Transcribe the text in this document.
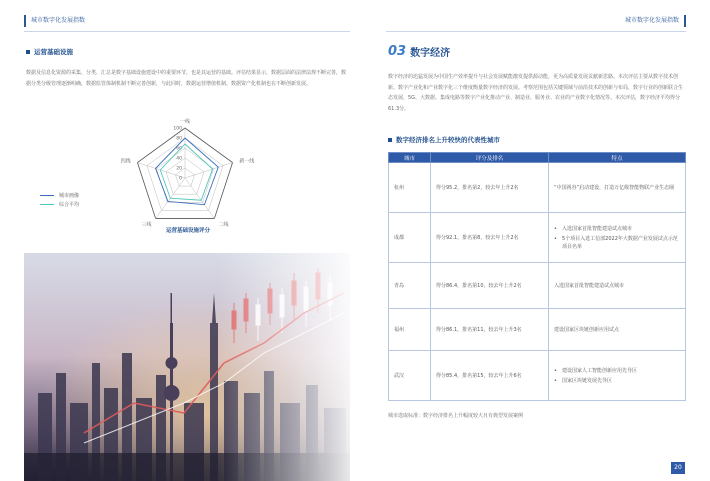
城市数字化发展指数	城市数字化发展指数
运营基础设施
数据及信息化资源的采集、分类、汇总是数字基础设施建设中的重要环节，也是其运营的基础。评估结果显示，数据层面的法律法规不断完善，数据分类分级管理逐渐明确，数据监管体制机制不断完善创新，与此同时，数据运营增值机制、数据资产化机制也在不断创新发展。
0
20
40
60
80
100
一线
新一线
二线
三线
四线
城市画像
综合平均
运营基础设施评分
03 数字经济
数字经济的迅猛发展为中国生产效率提升与社会发展赋能激发提供源动能，更为高质量发展贡献新思路。本次评估主要从数字技术创新、数字产业化和产业数字化三个维度衡量数字经济的发展。考察范围包括关键领域与前沿技术的创新与布局，数字行业的创新联合生态发展，5G、大数据、集成电路等数字产业化推动产业、制造业、服务业、农业的产业数字化情况等。本次评估，数字经济平均得分61.3分。
数字经济排名上升较快的代表性城市
城市	评分及排名	特点
杭州	得分95.2，排名第2，较去年上升2名	“中国视谷”启动建设，打造万亿级智能物联产业生态圈

成都	得分92.1，排名第8，较去年上升2名	• 入选国家首批智能建造试点城市
• 5个项目入选工信部2022年大数据产业发展试点示范项目名单

青岛	得分86.4，排名第10，较去年上升2名	入选国家首批智能建造试点城市

福州	得分86.1，排名第11，较去年上升3名	建设国家区块链创新应用试点

武汉	得分85.4，排名第15，较去年上升6名	• 建设国家人工智能创新应用先导区
• 国家区块链发展先导区
城市选取标准：数字经济排名上升幅度较大且有典型发展案例
20
